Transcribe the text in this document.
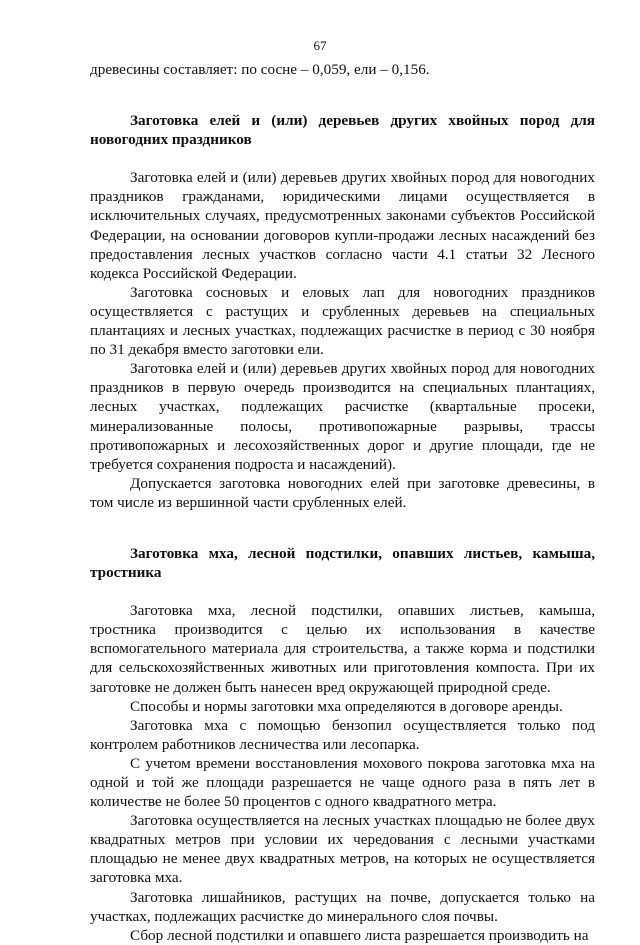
67

древесины составляет: по сосне – 0,059, ели – 0,156.

Заготовка елей и (или) деревьев других хвойных пород для новогодних праздников

Заготовка елей и (или) деревьев других хвойных пород для новогодних праздников гражданами, юридическими лицами осуществляется в исключительных случаях, предусмотренных законами субъектов Российской Федерации, на основании договоров купли-продажи лесных насаждений без предоставления лесных участков согласно части 4.1 статьи 32 Лесного кодекса Российской Федерации.

Заготовка сосновых и еловых лап для новогодних праздников осуществляется с растущих и срубленных деревьев на специальных плантациях и лесных участках, подлежащих расчистке в период с 30 ноября по 31 декабря вместо заготовки ели.

Заготовка елей и (или) деревьев других хвойных пород для новогодних праздников в первую очередь производится на специальных плантациях, лесных участках, подлежащих расчистке (квартальные просеки, минерализованные полосы, противопожарные разрывы, трассы противопожарных и лесохозяйственных дорог и другие площади, где не требуется сохранения подроста и насаждений).

Допускается заготовка новогодних елей при заготовке древесины, в том числе из вершинной части срубленных елей.

Заготовка мха, лесной подстилки, опавших листьев, камыша, тростника

Заготовка мха, лесной подстилки, опавших листьев, камыша, тростника производится с целью их использования в качестве вспомогательного материала для строительства, а также корма и подстилки для сельскохозяйственных животных или приготовления компоста. При их заготовке не должен быть нанесен вред окружающей природной среде.

Способы и нормы заготовки мха определяются в договоре аренды.

Заготовка мха с помощью бензопил осуществляется только под контролем работников лесничества или лесопарка.

С учетом времени восстановления мохового покрова заготовка мха на одной и той же площади разрешается не чаще одного раза в пять лет в количестве не более 50 процентов с одного квадратного метра.

Заготовка осуществляется на лесных участках площадью не более двух квадратных метров при условии их чередования с лесными участками площадью не менее двух квадратных метров, на которых не осуществляется заготовка мха.

Заготовка лишайников, растущих на почве, допускается только на участках, подлежащих расчистке до минерального слоя почвы.

Сбор лесной подстилки и опавшего листа разрешается производить на
